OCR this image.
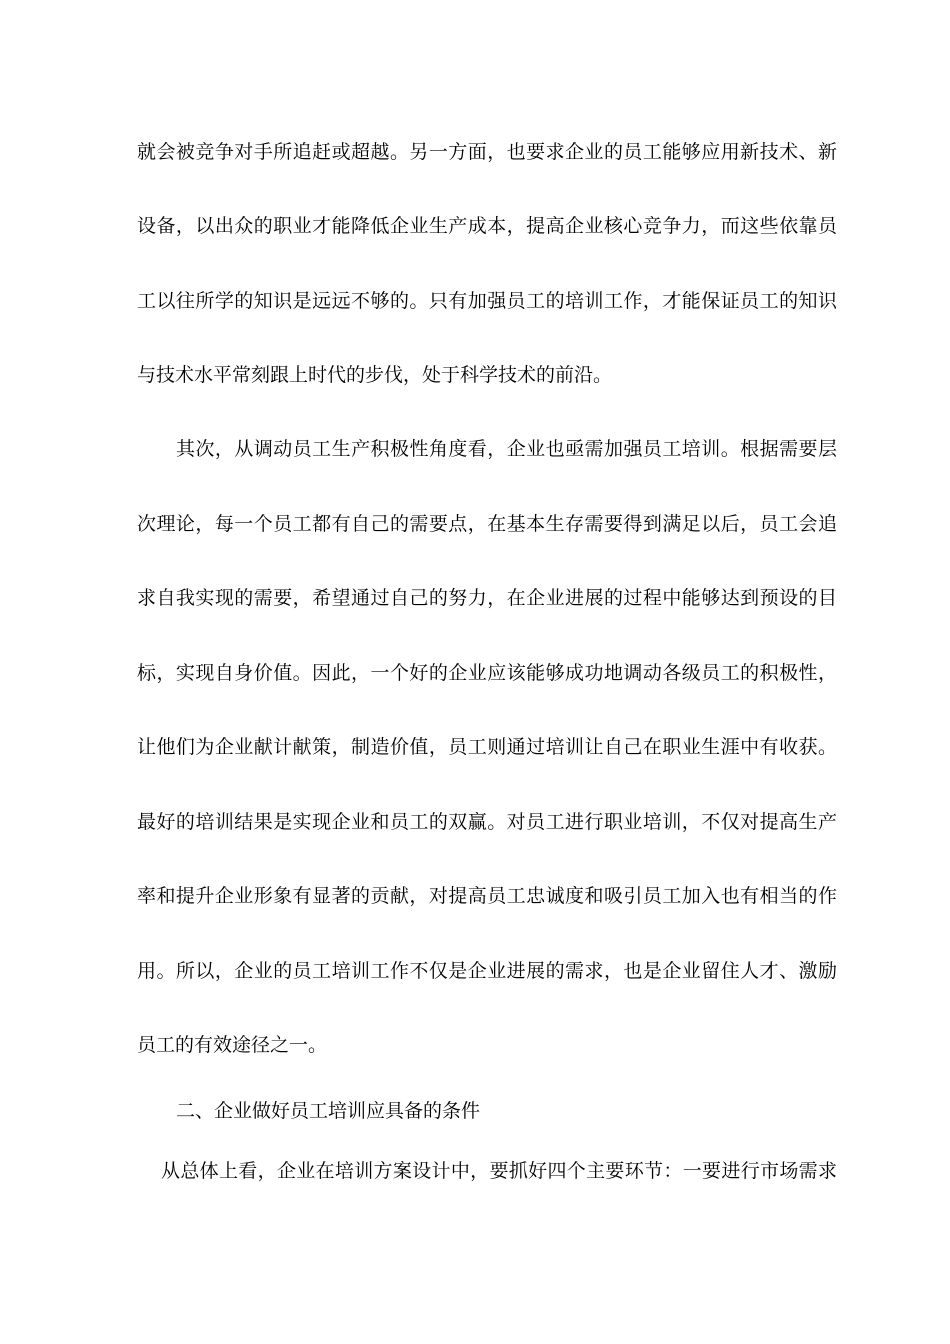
就会被竞争对手所追赶或超越。另一方面，也要求企业的员工能够应用新技术、新
设备，以出众的职业才能降低企业生产成本，提高企业核心竞争力，而这些依靠员
工以往所学的知识是远远不够的。只有加强员工的培训工作，才能保证员工的知识
与技术水平常刻跟上时代的步伐，处于科学技术的前沿。
其次，从调动员工生产积极性角度看，企业也亟需加强员工培训。根据需要层
次理论，每一个员工都有自己的需要点，在基本生存需要得到满足以后，员工会追
求自我实现的需要，希望通过自己的努力，在企业进展的过程中能够达到预设的目
标，实现自身价值。因此，一个好的企业应该能够成功地调动各级员工的积极性，
让他们为企业献计献策，制造价值，员工则通过培训让自己在职业生涯中有收获。
最好的培训结果是实现企业和员工的双赢。对员工进行职业培训，不仅对提高生产
率和提升企业形象有显著的贡献，对提高员工忠诚度和吸引员工加入也有相当的作
用。所以，企业的员工培训工作不仅是企业进展的需求，也是企业留住人才、激励
员工的有效途径之一。
二、企业做好员工培训应具备的条件
从总体上看，企业在培训方案设计中，要抓好四个主要环节：一要进行市场需求
